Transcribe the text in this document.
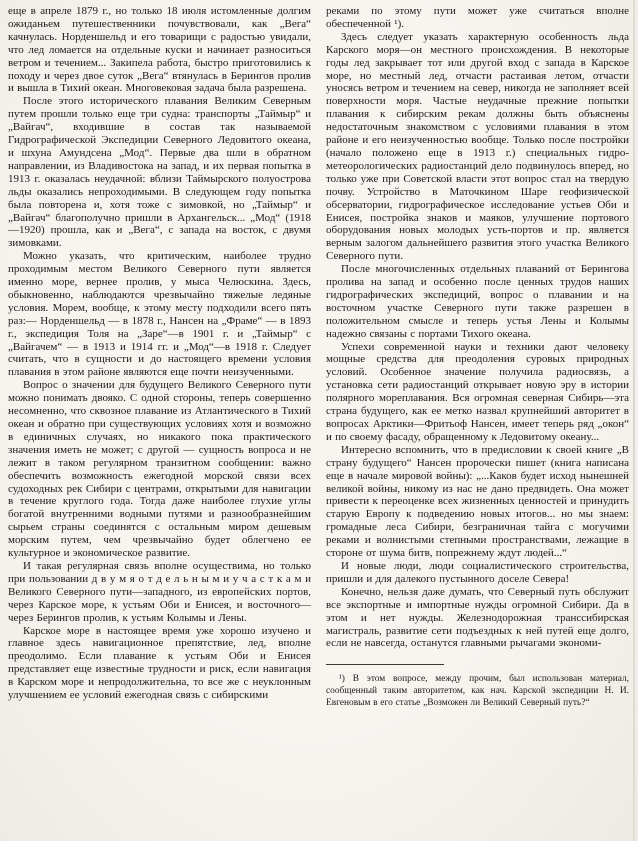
еще в апреле 1879 г., но только 18 июля истомленные долгим ожиданьем путешественники почувствовали, как „Вега“ качнулась. Норденшельд и его товарищи с радостью увидали, что лед ломается на отдельные куски и начинает разноситься ветром и течением... Закипела работа, быстро приготовились к походу и через двое суток „Вега“ втянулась в Берингов пролив и вышла в Тихий океан. Многовековая задача была разрешена.

После этого исторического плавания Великим Северным путем прошли только еще три судна: транспорты „Таймыр“ и „Вайгач“, входившие в состав так называемой Гидрографической Экспедиции Северного Ледовитого океана, и шхуна Амундсена „Мод“. Первые два шли в обратном направлении, из Владивостока на запад, и их первая попытка в 1913 г. оказалась неудачной: вблизи Таймырского полуострова льды оказались непроходимыми. В следующем году попытка была повторена и, хотя тоже с зимовкой, но „Таймыр“ и „Вайгач“ благополучно пришли в Архангельск... „Мод“ (1918—1920) прошла, как и „Вега“, с запада на восток, с двумя зимовками.

Можно указать, что критическим, наиболее трудно проходимым местом Великого Северного пути является именно море, вернее пролив, у мыса Челюскина. Здесь, обыкновенно, наблюдаются чрезвычайно тяжелые ледяные условия. Морем, вообще, к этому месту подходили всего пять раз:— Норденшельд — в 1878 г., Нансен на „Фраме“ — в 1893 г., экспедиция Толя на „Заре“—в 1901 г. и „Таймыр“ с „Вайгачем“ — в 1913 и 1914 гг. и „Мод“—в 1918 г. Следует считать, что в сущности и до настоящего времени условия плавания в этом районе являются еще почти неизученными.

Вопрос о значении для будущего Великого Северного пути можно понимать двояко. С одной стороны, теперь совершенно несомненно, что сквозное плавание из Атлантического в Тихий океан и обратно при существующих условиях хотя и возможно в единичных случаях, но никакого пока практического значения иметь не может; с другой — сущность вопроса и не лежит в таком регулярном транзитном сообщении: важно обеспечить возможность ежегодной морской связи всех судоходных рек Сибири с центрами, открытыми для навигации в течение круглого года. Тогда даже наиболее глухие углы богатой внутренними водными путями и разнообразнейшим сырьем страны соединятся с остальным миром дешевым морским путем, чем чрезвычайно будет облегчено ее культурное и экономическое развитие.

И такая регулярная связь вполне осуществима, но только при пользовании д в у м я о т д е л ь н ы м и у ч а с т к а м и Великого Северного пути—западного, из европейских портов, через Карское море, к устьям Оби и Енисея, и восточного—через Берингов пролив, к устьям Колымы и Лены.

Карское море в настоящее время уже хорошо изучено и главное здесь навигационное препятствие, лед, вполне преодолимо. Если плавание к устьям Оби и Енисея представляет еще известные трудности и риск, если навигация в Карском море и непродолжительна, то все же с неуклонным улучшением ее условий ежегодная связь с сибирскими

реками по этому пути может уже считаться вполне обеспеченной ¹).

Здесь следует указать характерную особенность льда Карского моря—он местного происхождения. В некоторые годы лед закрывает тот или другой вход с запада в Карское море, но местный лед, отчасти растаивая летом, отчасти уносясь ветром и течением на север, никогда не заполняет всей поверхности моря. Частые неудачные прежние попытки плавания к сибирским рекам должны быть объяснены недостаточным знакомством с условиями плавания в этом районе и его неизученностью вообще. Только после постройки (начало положено еще в 1913 г.) специальных гидро-метеорологических радиостанций дело подвинулось вперед, но только уже при Советской власти этот вопрос стал на твердую почву. Устройство в Маточкином Шаре геофизической обсерватории, гидрографическое исследование устьев Оби и Енисея, постройка знаков и маяков, улучшение портового оборудования новых молодых усть-портов и пр. является верным залогом дальнейшего развития этого участка Великого Северного пути.

После многочисленных отдельных плаваний от Берингова пролива на запад и особенно после ценных трудов наших гидрографических экспедиций, вопрос о плавании и на восточном участке Северного пути также разрешен в положительном смысле и теперь устья Лены и Колымы надежно связаны с портами Тихого океана.

Успехи современной науки и техники дают человеку мощные средства для преодоления суровых природных условий. Особенное значение получила радиосвязь, а установка сети радиостанций открывает новую эру в истории полярного мореплавания. Вся огромная северная Сибирь—эта страна будущего, как ее метко назвал крупнейший авторитет в вопросах Арктики—Фритьоф Нансен, имеет теперь ряд „окон“ и по своему фасаду, обращенному к Ледовитому океану...

Интересно вспомнить, что в предисловии к своей книге „В страну будущего“ Нансен пророчески пишет (книга написана еще в начале мировой войны): „...Каков будет исход нынешней великой войны, никому из нас не дано предвидеть. Она может привести к переоценке всех жизненных ценностей и принудить старую Европу к подведению новых итогов... но мы знаем: громадные леса Сибири, безграничная тайга с могучими реками и волнистыми степными пространствами, лежащие в стороне от шума битв, попрежнему ждут людей...“

И новые люди, люди социалистического строительства, пришли и для далекого пустынного доселе Севера!

Конечно, нельзя даже думать, что Северный путь обслужит все экспортные и импортные нужды огромной Сибири. Да в этом и нет нужды. Железнодорожная транссибирская магистраль, развитие сети подъездных к ней путей еще долго, если не навсегда, останутся главными рычагами экономи-

¹) В этом вопросе, между прочим, был использован материал, сообщенный таким авторитетом, как нач. Карской экспедиции Н. И. Евгеновым в его статье „Возможен ли Великий Северный путь?“
